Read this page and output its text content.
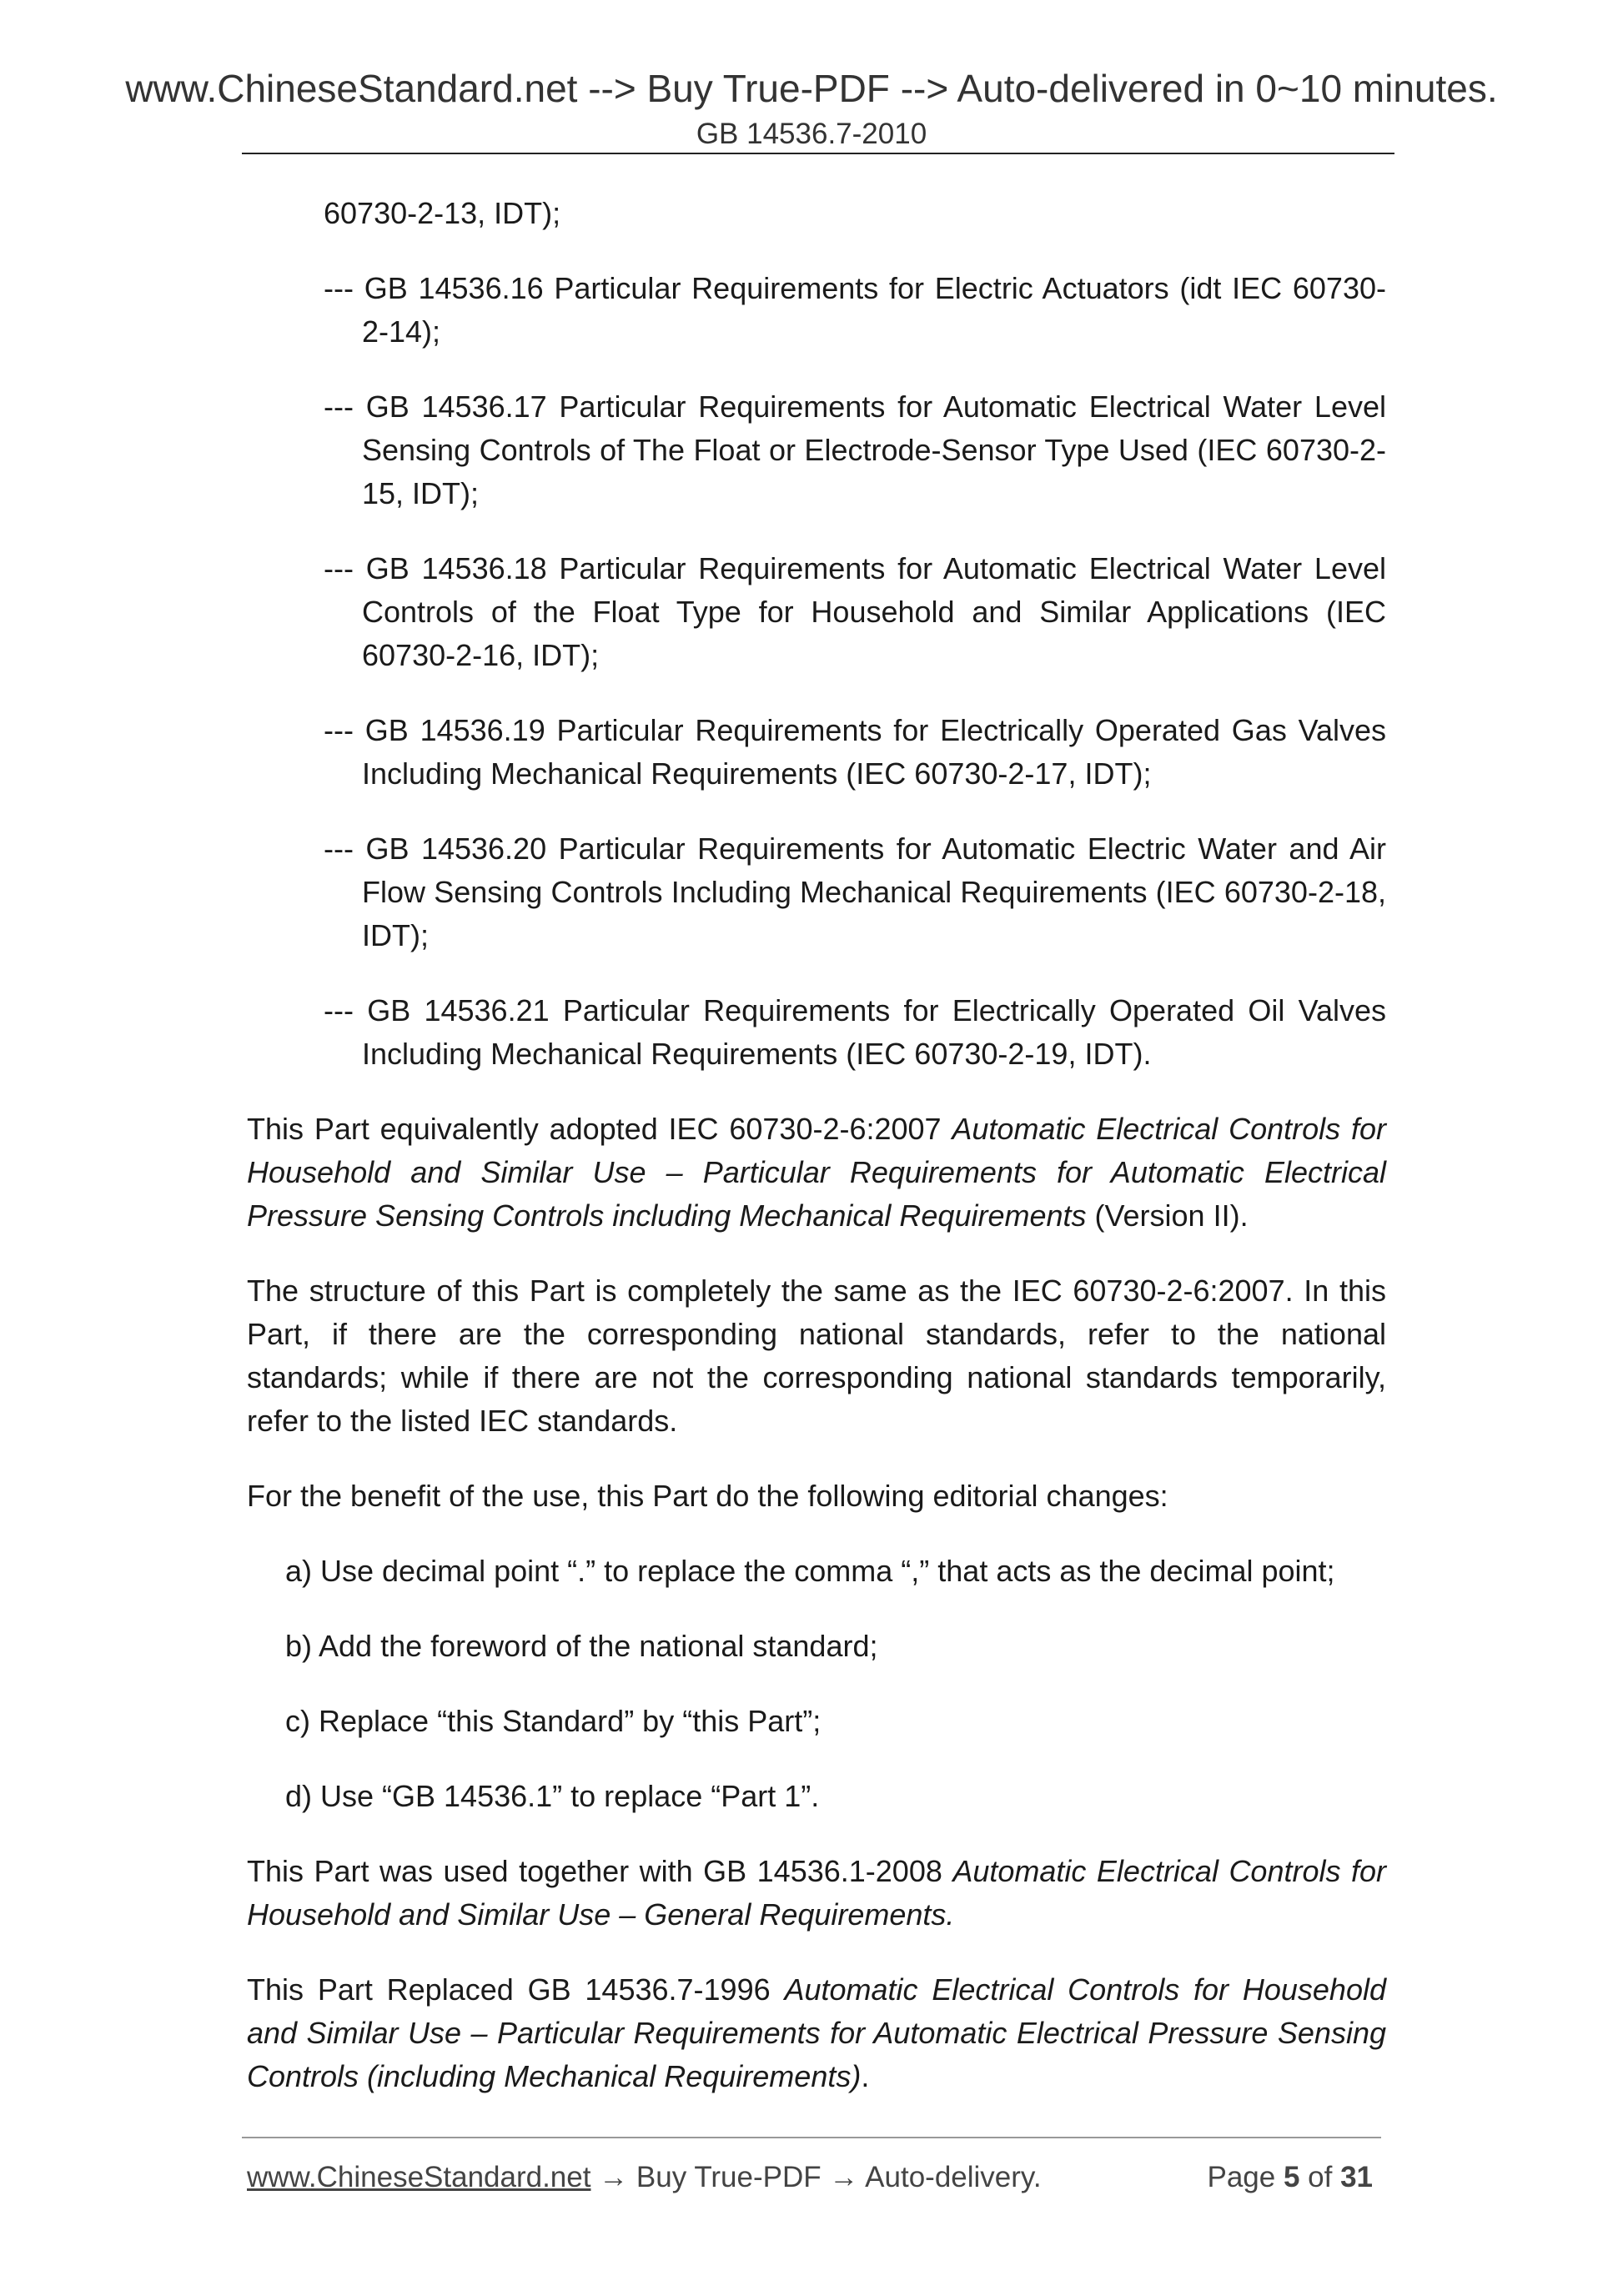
www.ChineseStandard.net --> Buy True-PDF --> Auto-delivered in 0~10 minutes.
GB 14536.7-2010
60730-2-13, IDT);
--- GB 14536.16 Particular Requirements for Electric Actuators (idt IEC 60730-2-14);
--- GB 14536.17 Particular Requirements for Automatic Electrical Water Level Sensing Controls of The Float or Electrode-Sensor Type Used (IEC 60730-2-15, IDT);
--- GB 14536.18 Particular Requirements for Automatic Electrical Water Level Controls of the Float Type for Household and Similar Applications (IEC 60730-2-16, IDT);
--- GB 14536.19 Particular Requirements for Electrically Operated Gas Valves Including Mechanical Requirements (IEC 60730-2-17, IDT);
--- GB 14536.20 Particular Requirements for Automatic Electric Water and Air Flow Sensing Controls Including Mechanical Requirements (IEC 60730-2-18, IDT);
--- GB 14536.21 Particular Requirements for Electrically Operated Oil Valves Including Mechanical Requirements (IEC 60730-2-19, IDT).

This Part equivalently adopted IEC 60730-2-6:2007 Automatic Electrical Controls for Household and Similar Use – Particular Requirements for Automatic Electrical Pressure Sensing Controls including Mechanical Requirements (Version II).

The structure of this Part is completely the same as the IEC 60730-2-6:2007. In this Part, if there are the corresponding national standards, refer to the national standards; while if there are not the corresponding national standards temporarily, refer to the listed IEC standards.

For the benefit of the use, this Part do the following editorial changes:

a) Use decimal point “.” to replace the comma “,” that acts as the decimal point;
b) Add the foreword of the national standard;
c) Replace “this Standard” by “this Part”;
d) Use “GB 14536.1” to replace “Part 1”.

This Part was used together with GB 14536.1-2008 Automatic Electrical Controls for Household and Similar Use – General Requirements.

This Part Replaced GB 14536.7-1996 Automatic Electrical Controls for Household and Similar Use – Particular Requirements for Automatic Electrical Pressure Sensing Controls (including Mechanical Requirements).

www.ChineseStandard.net → Buy True-PDF → Auto-delivery.	Page 5 of 31
